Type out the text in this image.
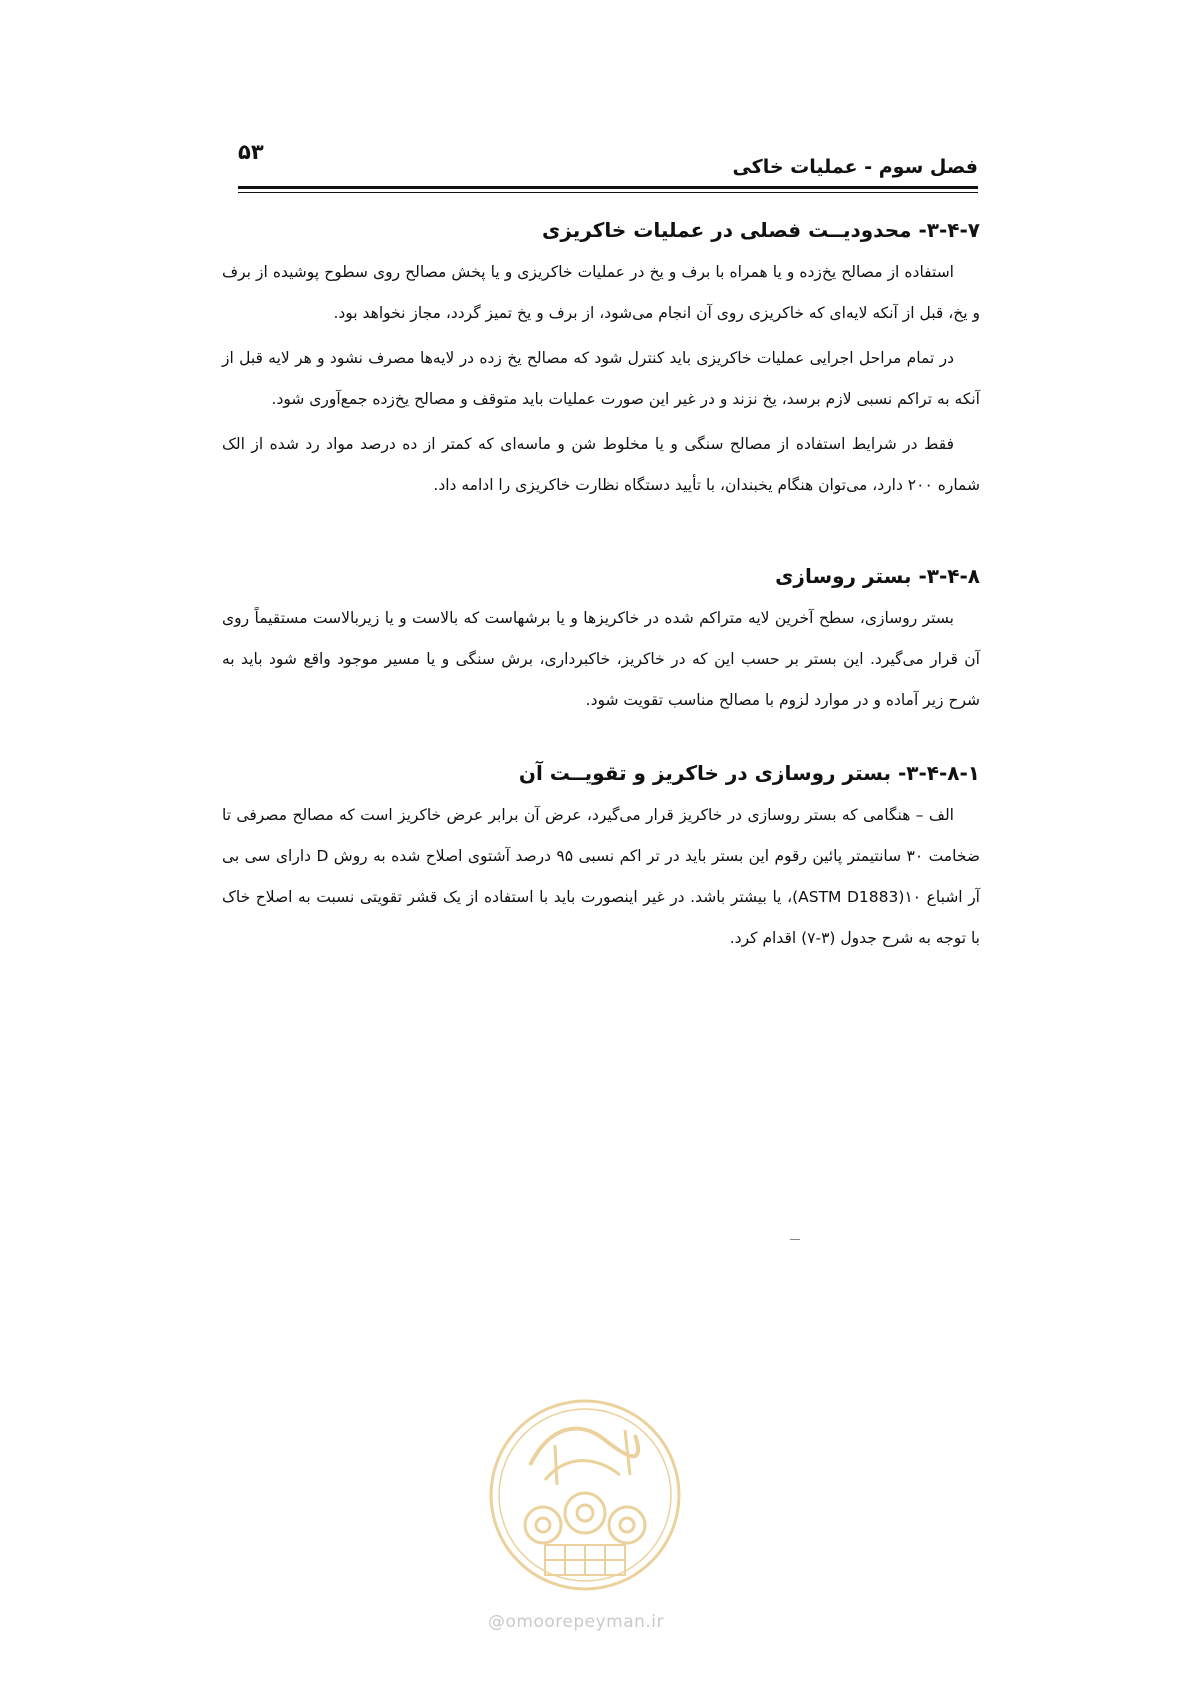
۵۳
فصل سوم - عملیات خاکی
۳-۴-۷- محدودیــت فصلی در عملیات خاکریزی

استفاده از مصالح یخ‌زده و یا همراه با برف و یخ در عملیات خاکریزی و یا پخش مصالح روی سطوح پوشیده از برف و یخ، قبل از آنکه لایه‌ای که خاکریزی روی آن انجام می‌شود، از برف و یخ تمیز گردد، مجاز نخواهد بود.

در تمام مراحل اجرایی عملیات خاکریزی باید کنترل شود که مصالح یخ زده در لایه‌ها مصرف نشود و هر لایه قبل از آنکه به تراکم نسبی لازم برسد، یخ نزند و در غیر این صورت عملیات باید متوقف و مصالح یخ‌زده جمع‌آوری شود.

فقط در شرایط استفاده از مصالح سنگی و یا مخلوط شن و ماسه‌ای که کمتر از ده درصد مواد رد شده از الک شماره ۲۰۰ دارد، می‌توان هنگام یخبندان، با تأیید دستگاه نظارت خاکریزی را ادامه داد.

۳-۴-۸- بستر روسازی

بستر روسازی، سطح آخرین لایه متراکم شده در خاکریزها و یا برشهاست که بالاست و یا زیربالاست مستقیماً روی آن قرار می‌گیرد. این بستر بر حسب این که در خاکریز، خاکبرداری، برش سنگی و یا مسیر موجود واقع شود باید به شرح زیر آماده و در موارد لزوم با مصالح مناسب تقویت شود.

۳-۴-۸-۱- بستر روسازی در خاکریز و تقویــت آن

الف – هنگامی که بستر روسازی در خاکریز قرار می‌گیرد، عرض آن برابر عرض خاکریز است که مصالح مصرفی تا ضخامت ۳۰ سانتیمتر پائین رقوم این بستر باید در تر اکم نسبی ۹۵ درصد آشتوی اصلاح شده به روش D دارای سی بی آر اشباع ۱۰(ASTM D1883)، یا بیشتر باشد. در غیر اینصورت باید با استفاده از یک قشر تقویتی نسبت به اصلاح خاک با توجه به شرح جدول (۳-۷) اقدام کرد.

@omoorepeyman.ir
